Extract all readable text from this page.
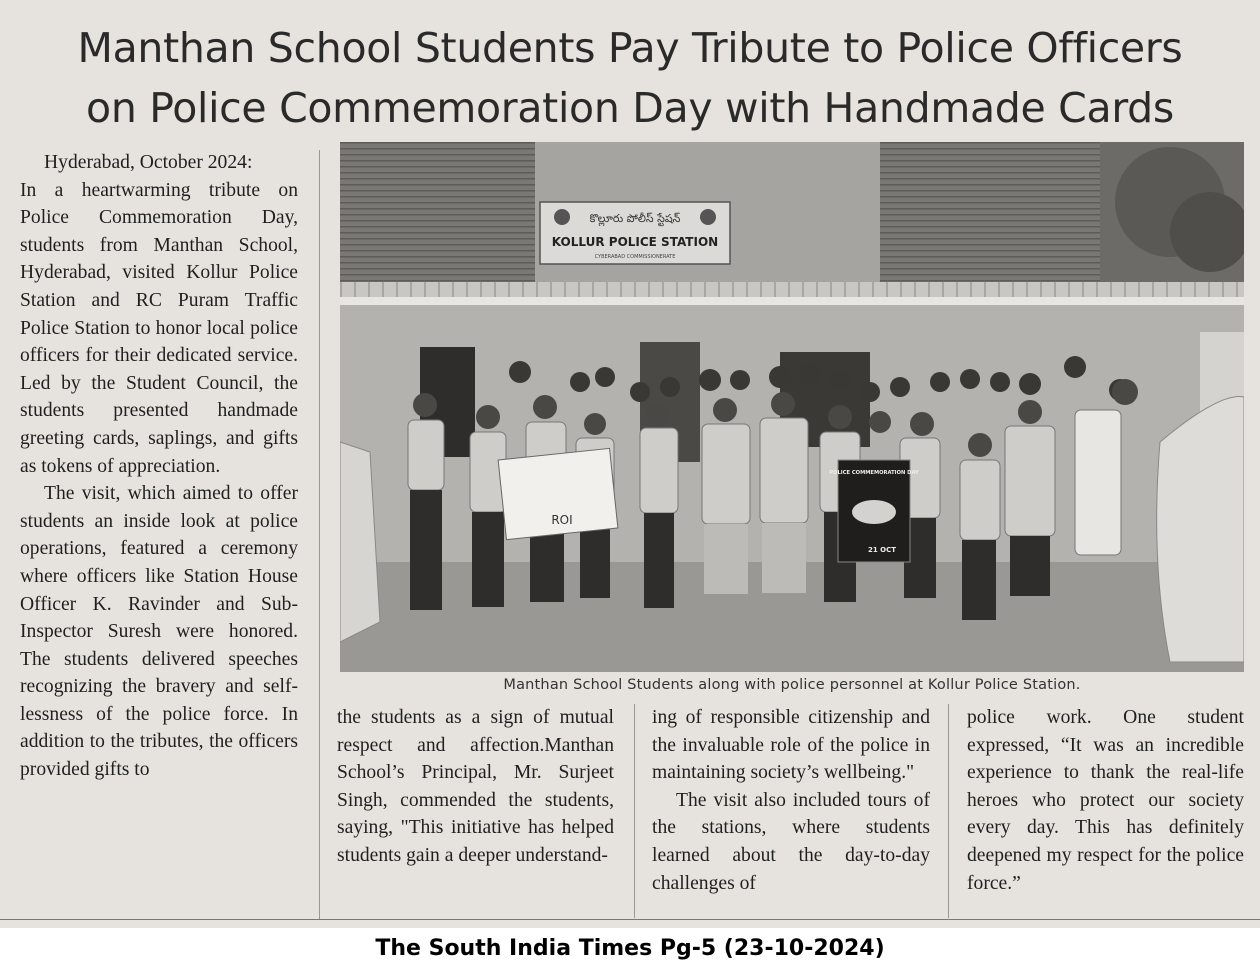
Manthan School Students Pay Tribute to Police Officers
on Police Commemoration Day with Handmade Cards

Hyderabad, October 2024:

In a heartwarming tribute on Police Commemoration Day, students from Manthan School, Hyderabad, visited Kollur Police Station and RC Puram Traffic Police Station to honor local police officers for their dedicated service. Led by the Student Council, the students presented handmade greeting cards, saplings, and gifts as tokens of appreciation.

The visit, which aimed to offer students an inside look at police operations, featured a ceremony where officers like Station House Officer K. Ravinder and Sub-Inspector Suresh were honored. The students delivered speeches recognizing the bravery and selflessness of the police force. In addition to the tributes, the officers provided gifts to

కొల్లూరు పోలీస్ స్టేషన్
KOLLUR POLICE STATION
CYBERABAD COMMISSIONERATE
ROI
POLICE COMMEMORATION DAY
21 OCT
Manthan School Students along with police personnel at Kollur Police Station.

the students as a sign of mutual respect and affection.Manthan School’s Principal, Mr. Surjeet Singh, commended the students, saying, "This initiative has helped students gain a deeper understand-

ing of responsible citizenship and the invaluable role of the police in maintaining society’s wellbeing."

The visit also included tours of the stations, where students learned about the day-to-day challenges of

police work. One student expressed, “It was an incredible experience to thank the real-life heroes who protect our society every day. This has definitely deepened my respect for the police force.”

The South India Times Pg-5 (23-10-2024)
